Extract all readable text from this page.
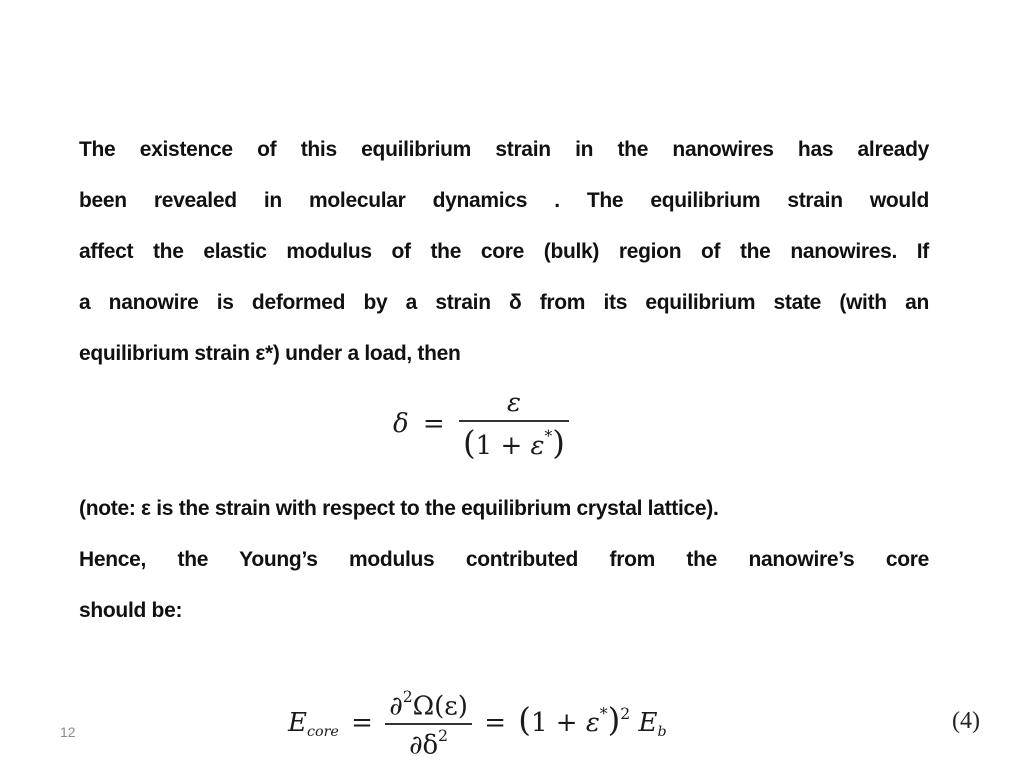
The existence of this equilibrium strain in the nanowires has already
been revealed in molecular dynamics . The equilibrium strain would
affect the elastic modulus of the core (bulk) region of the nanowires. If
a nanowire is deformed by a strain δ from its equilibrium state (with an
equilibrium strain ε*) under a load, then
$\delta = \frac{\varepsilon}{(1 + \varepsilon^*)}$
(note: ε is the strain with respect to the equilibrium crystal lattice).
Hence, the Young’s modulus contributed from the nanowire’s core
should be:
$E_{core} = \frac{\partial^2\Omega(\varepsilon)}{\partial\delta^2} = (1 + \varepsilon^*)^2$ $E_b$	(4)
12
